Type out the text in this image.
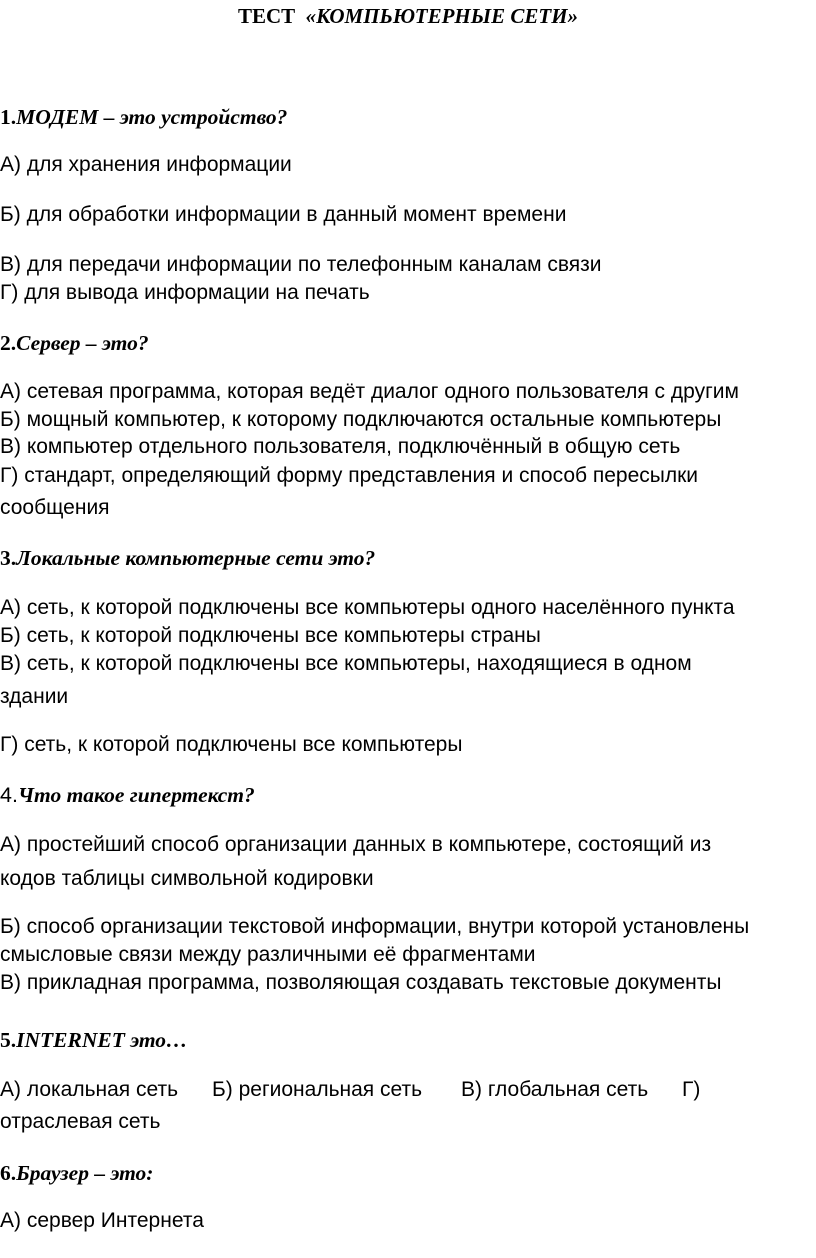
ТЕСТ  «КОМПЬЮТЕРНЫЕ СЕТИ»
1.МОДЕМ – это устройство?
А) для хранения информации
Б) для обработки информации в данный момент времени
В) для передачи информации по телефонным каналам связи
Г) для вывода информации на печать
2.Сервер – это?
А) сетевая программа, которая ведёт диалог одного пользователя с другим
Б) мощный компьютер, к которому подключаются остальные компьютеры
В) компьютер отдельного пользователя, подключённый в общую сеть
Г) стандарт, определяющий форму представления и способ пересылки
сообщения
3.Локальные компьютерные сети это?
А) сеть, к которой подключены все компьютеры одного населённого пункта
Б) сеть, к которой подключены все компьютеры страны
В) сеть, к которой подключены все компьютеры, находящиеся в одном
здании
Г) сеть, к которой подключены все компьютеры
4.Что такое гипертекст?
А) простейший способ организации данных в компьютере, состоящий из
кодов таблицы символьной кодировки
Б) способ организации текстовой информации, внутри которой установлены
смысловые связи между различными её фрагментами
В) прикладная программа, позволяющая создавать текстовые документы
5.INTERNET это…
А) локальная сеть Б) региональная сеть В) глобальная сеть Г)
отраслевая сеть
6.Браузер – это:
А) сервер Интернета
